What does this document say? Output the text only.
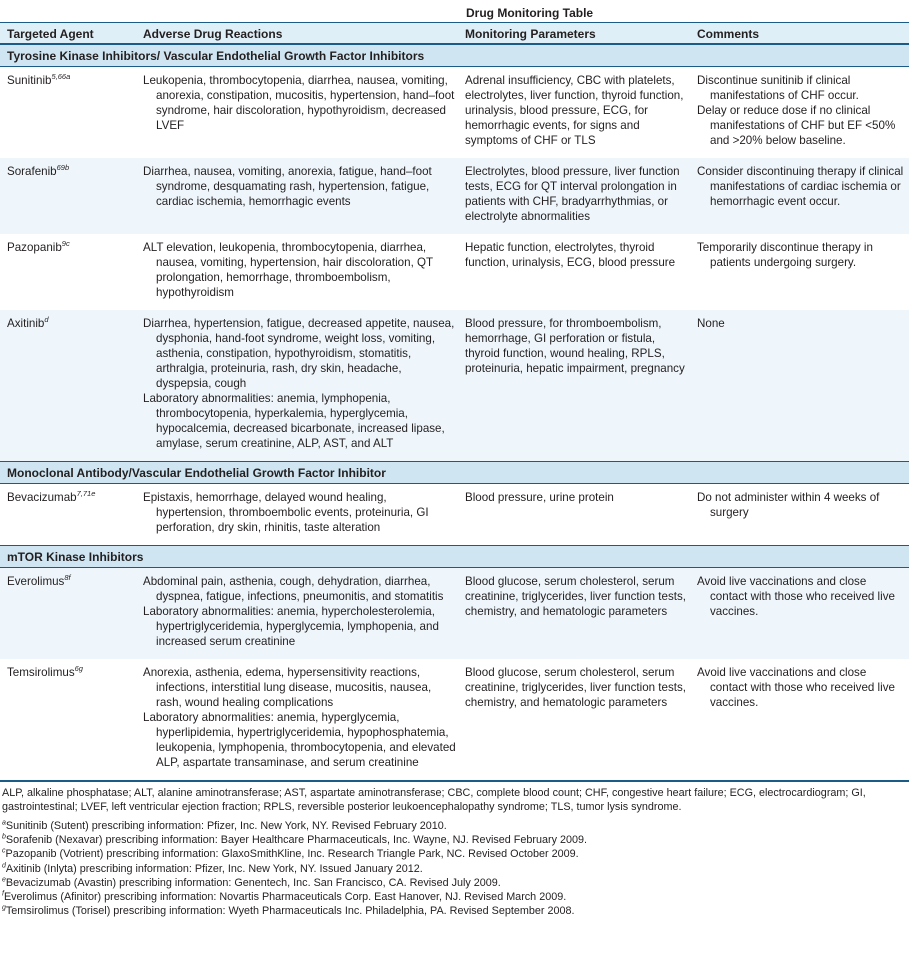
		Drug Monitoring Table	
Targeted Agent	Adverse Drug Reactions	Monitoring Parameters	Comments
Tyrosine Kinase Inhibitors/ Vascular Endothelial Growth Factor Inhibitors			
Sunitinib$^{5,66a}$	Leukopenia, thrombocytopenia, diarrhea, nausea, vomiting, anorexia, constipation, mucositis, hypertension, hand–foot syndrome, hair discoloration, hypothyroidism, decreased LVEF	Adrenal insufficiency, CBC with platelets, electrolytes, liver function, thyroid function, urinalysis, blood pressure, ECG, for hemorrhagic events, for signs and symptoms of CHF or TLS	Discontinue sunitinib if clinical manifestations of CHF occur.
Delay or reduce dose if no clinical manifestations of CHF but EF <50% and >20% below baseline.

Sorafenib$^{69b}$	Diarrhea, nausea, vomiting, anorexia, fatigue, hand–foot syndrome, desquamating rash, hypertension, fatigue, cardiac ischemia, hemorrhagic events	Electrolytes, blood pressure, liver function tests, ECG for QT interval prolongation in patients with CHF, bradyarrhythmias, or electrolyte abnormalities	Consider discontinuing therapy if clinical manifestations of cardiac ischemia or hemorrhagic event occur.

Pazopanib$^{9c}$	ALT elevation, leukopenia, thrombocytopenia, diarrhea, nausea, vomiting, hypertension, hair discoloration, QT prolongation, hemorrhage, thromboembolism, hypothyroidism	Hepatic function, electrolytes, thyroid function, urinalysis, ECG, blood pressure	Temporarily discontinue therapy in patients undergoing surgery.

Axitinib$^d$	Diarrhea, hypertension, fatigue, decreased appetite, nausea, dysphonia, hand-foot syndrome, weight loss, vomiting, asthenia, constipation, hypothyroidism, stomatitis, arthralgia, proteinuria, rash, dry skin, headache, dyspepsia, cough
Laboratory abnormalities: anemia, lymphopenia, thrombocytopenia, hyperkalemia, hyperglycemia, hypocalcemia, decreased bicarbonate, increased lipase, amylase, serum creatinine, ALP, AST, and ALT	Blood pressure, for thromboembolism, hemorrhage, GI perforation or fistula, thyroid function, wound healing, RPLS, proteinuria, hepatic impairment, pregnancy	None

Monoclonal Antibody/Vascular Endothelial Growth Factor Inhibitor			
Bevacizumab$^{7,71e}$	Epistaxis, hemorrhage, delayed wound healing, hypertension, thromboembolic events, proteinuria, GI perforation, dry skin, rhinitis, taste alteration	Blood pressure, urine protein	Do not administer within 4 weeks of surgery

mTOR Kinase Inhibitors			
Everolimus$^{8f}$	Abdominal pain, asthenia, cough, dehydration, diarrhea, dyspnea, fatigue, infections, pneumonitis, and stomatitis
Laboratory abnormalities: anemia, hypercholesterolemia, hypertriglyceridemia, hyperglycemia, lymphopenia, and increased serum creatinine	Blood glucose, serum cholesterol, serum creatinine, triglycerides, liver function tests, chemistry, and hematologic parameters	Avoid live vaccinations and close contact with those who received live vaccines.

Temsirolimus$^{6g}$	Anorexia, asthenia, edema, hypersensitivity reactions, infections, interstitial lung disease, mucositis, nausea, rash, wound healing complications
Laboratory abnormalities: anemia, hyperglycemia, hyperlipidemia, hypertriglyceridemia, hypophosphatemia, leukopenia, lymphopenia, thrombocytopenia, and elevated ALP, aspartate transaminase, and serum creatinine	Blood glucose, serum cholesterol, serum creatinine, triglycerides, liver function tests, chemistry, and hematologic parameters	Avoid live vaccinations and close contact with those who received live vaccines.

ALP, alkaline phosphatase; ALT, alanine aminotransferase; AST, aspartate aminotransferase; CBC, complete blood count; CHF, congestive heart failure; ECG, electrocardiogram; GI, gastrointestinal; LVEF, left ventricular ejection fraction; RPLS, reversible posterior leukoencephalopathy syndrome; TLS, tumor lysis syndrome.

$^a$Sunitinib (Sutent) prescribing information: Pfizer, Inc. New York, NY. Revised February 2010.

$^b$Sorafenib (Nexavar) prescribing information: Bayer Healthcare Pharmaceuticals, Inc. Wayne, NJ. Revised February 2009.

$^c$Pazopanib (Votrient) prescribing information: GlaxoSmithKline, Inc. Research Triangle Park, NC. Revised October 2009.

$^d$Axitinib (Inlyta) prescribing information: Pfizer, Inc. New York, NY. Issued January 2012.

$^e$Bevacizumab (Avastin) prescribing information: Genentech, Inc. San Francisco, CA. Revised July 2009.

$^f$Everolimus (Afinitor) prescribing information: Novartis Pharmaceuticals Corp. East Hanover, NJ. Revised March 2009.

$^g$Temsirolimus (Torisel) prescribing information: Wyeth Pharmaceuticals Inc. Philadelphia, PA. Revised September 2008.
